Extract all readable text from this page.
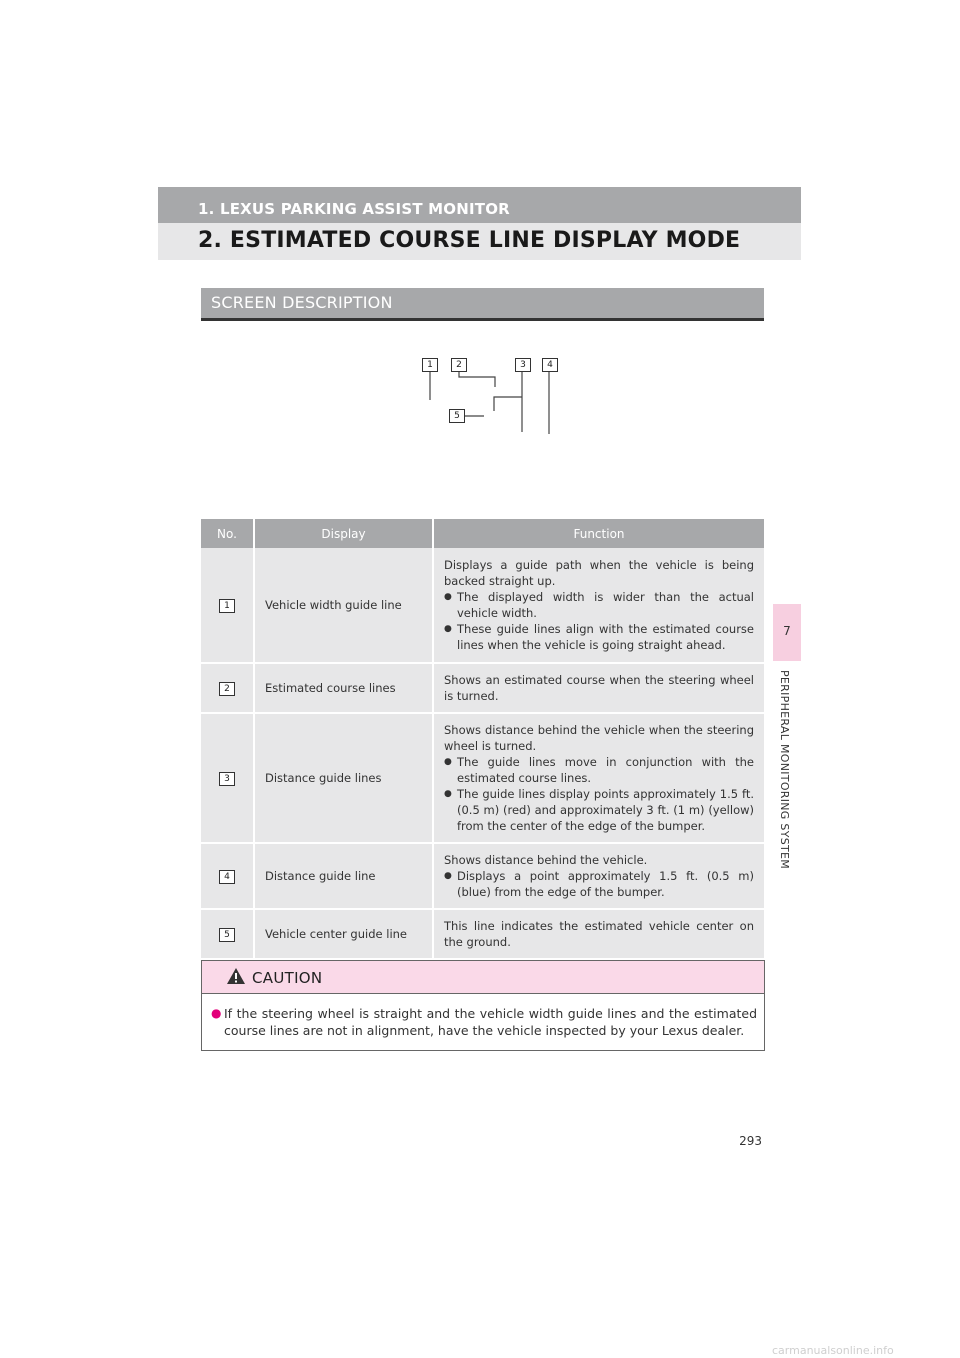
1. LEXUS PARKING ASSIST MONITOR
2. ESTIMATED COURSE LINE DISPLAY MODE
7
PERIPHERAL MONITORING SYSTEM
SCREEN DESCRIPTION
1	2	3	4
5
No.	Display	Function
1	Vehicle width guide line	Displays a guide path when the vehicle is being backed straight up.
● The displayed width is wider than the actual vehicle width.
● These guide lines align with the estimated course lines when the vehicle is going straight ahead.

2	Estimated course lines	Shows an estimated course when the steering wheel is turned.

3	Distance guide lines	Shows distance behind the vehicle when the steering wheel is turned.
● The guide lines move in conjunction with the estimated course lines.
● The guide lines display points approximately 1.5 ft. (0.5 m) (red) and approximately 3 ft. (1 m) (yellow) from the center of the edge of the bumper.

4	Distance guide line	Shows distance behind the vehicle.
● Displays a point approximately 1.5 ft. (0.5 m) (blue) from the edge of the bumper.

5	Vehicle center guide line	This line indicates the estimated vehicle center on the ground.
CAUTION
● If the steering wheel is straight and the vehicle width guide lines and the estimated course lines are not in alignment, have the vehicle inspected by your Lexus dealer.
293
carmanualsonline.info
